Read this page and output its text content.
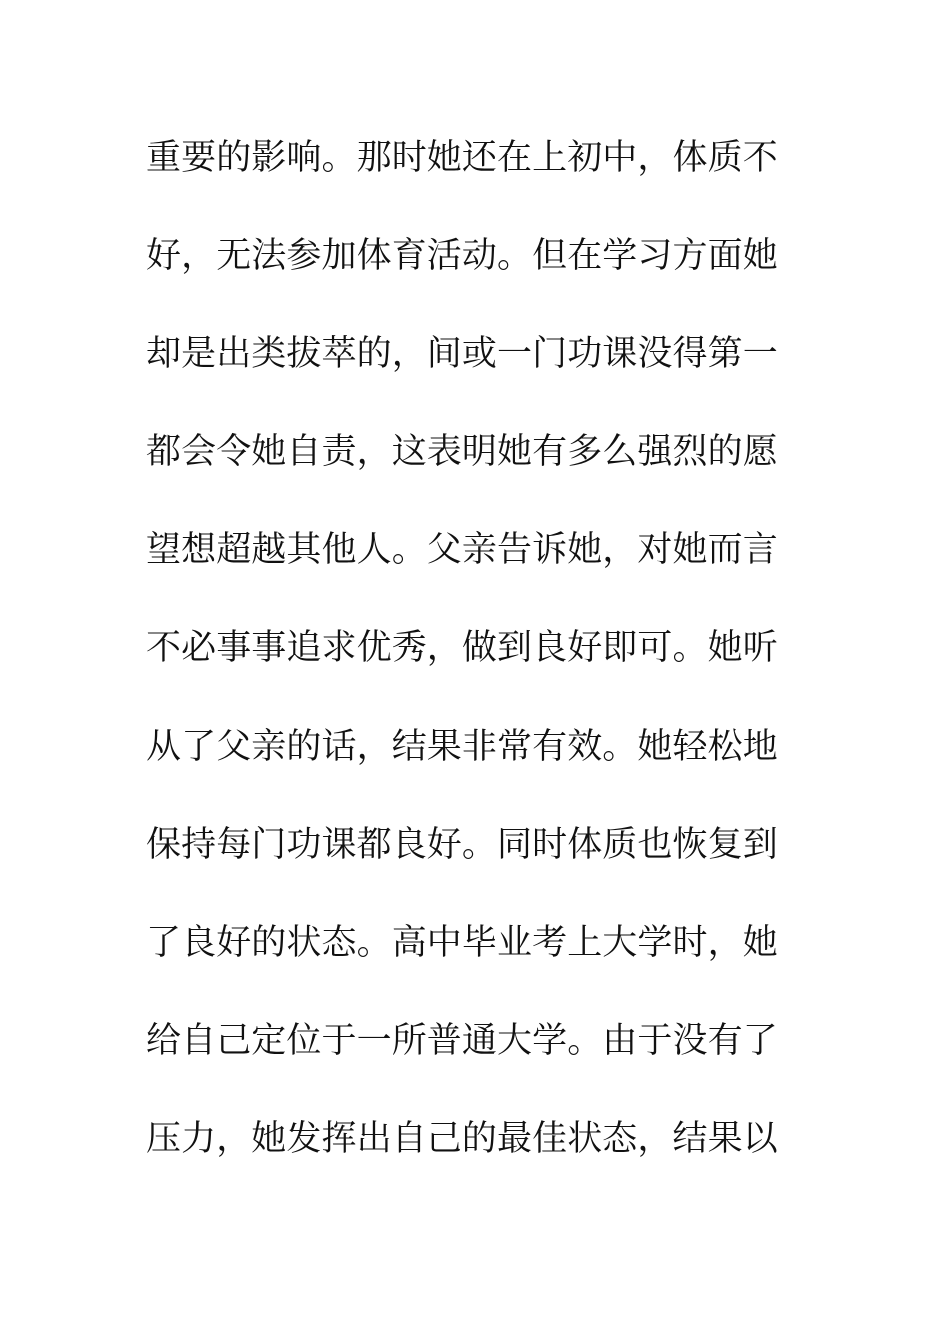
重要的影响。那时她还在上初中，体质不
好，无法参加体育活动。但在学习方面她
却是出类拔萃的，间或一门功课没得第一
都会令她自责，这表明她有多么强烈的愿
望想超越其他人。父亲告诉她，对她而言
不必事事追求优秀，做到良好即可。她听
从了父亲的话，结果非常有效。她轻松地
保持每门功课都良好。同时体质也恢复到
了良好的状态。高中毕业考上大学时，她
给自己定位于一所普通大学。由于没有了
压力，她发挥出自己的最佳状态，结果以
